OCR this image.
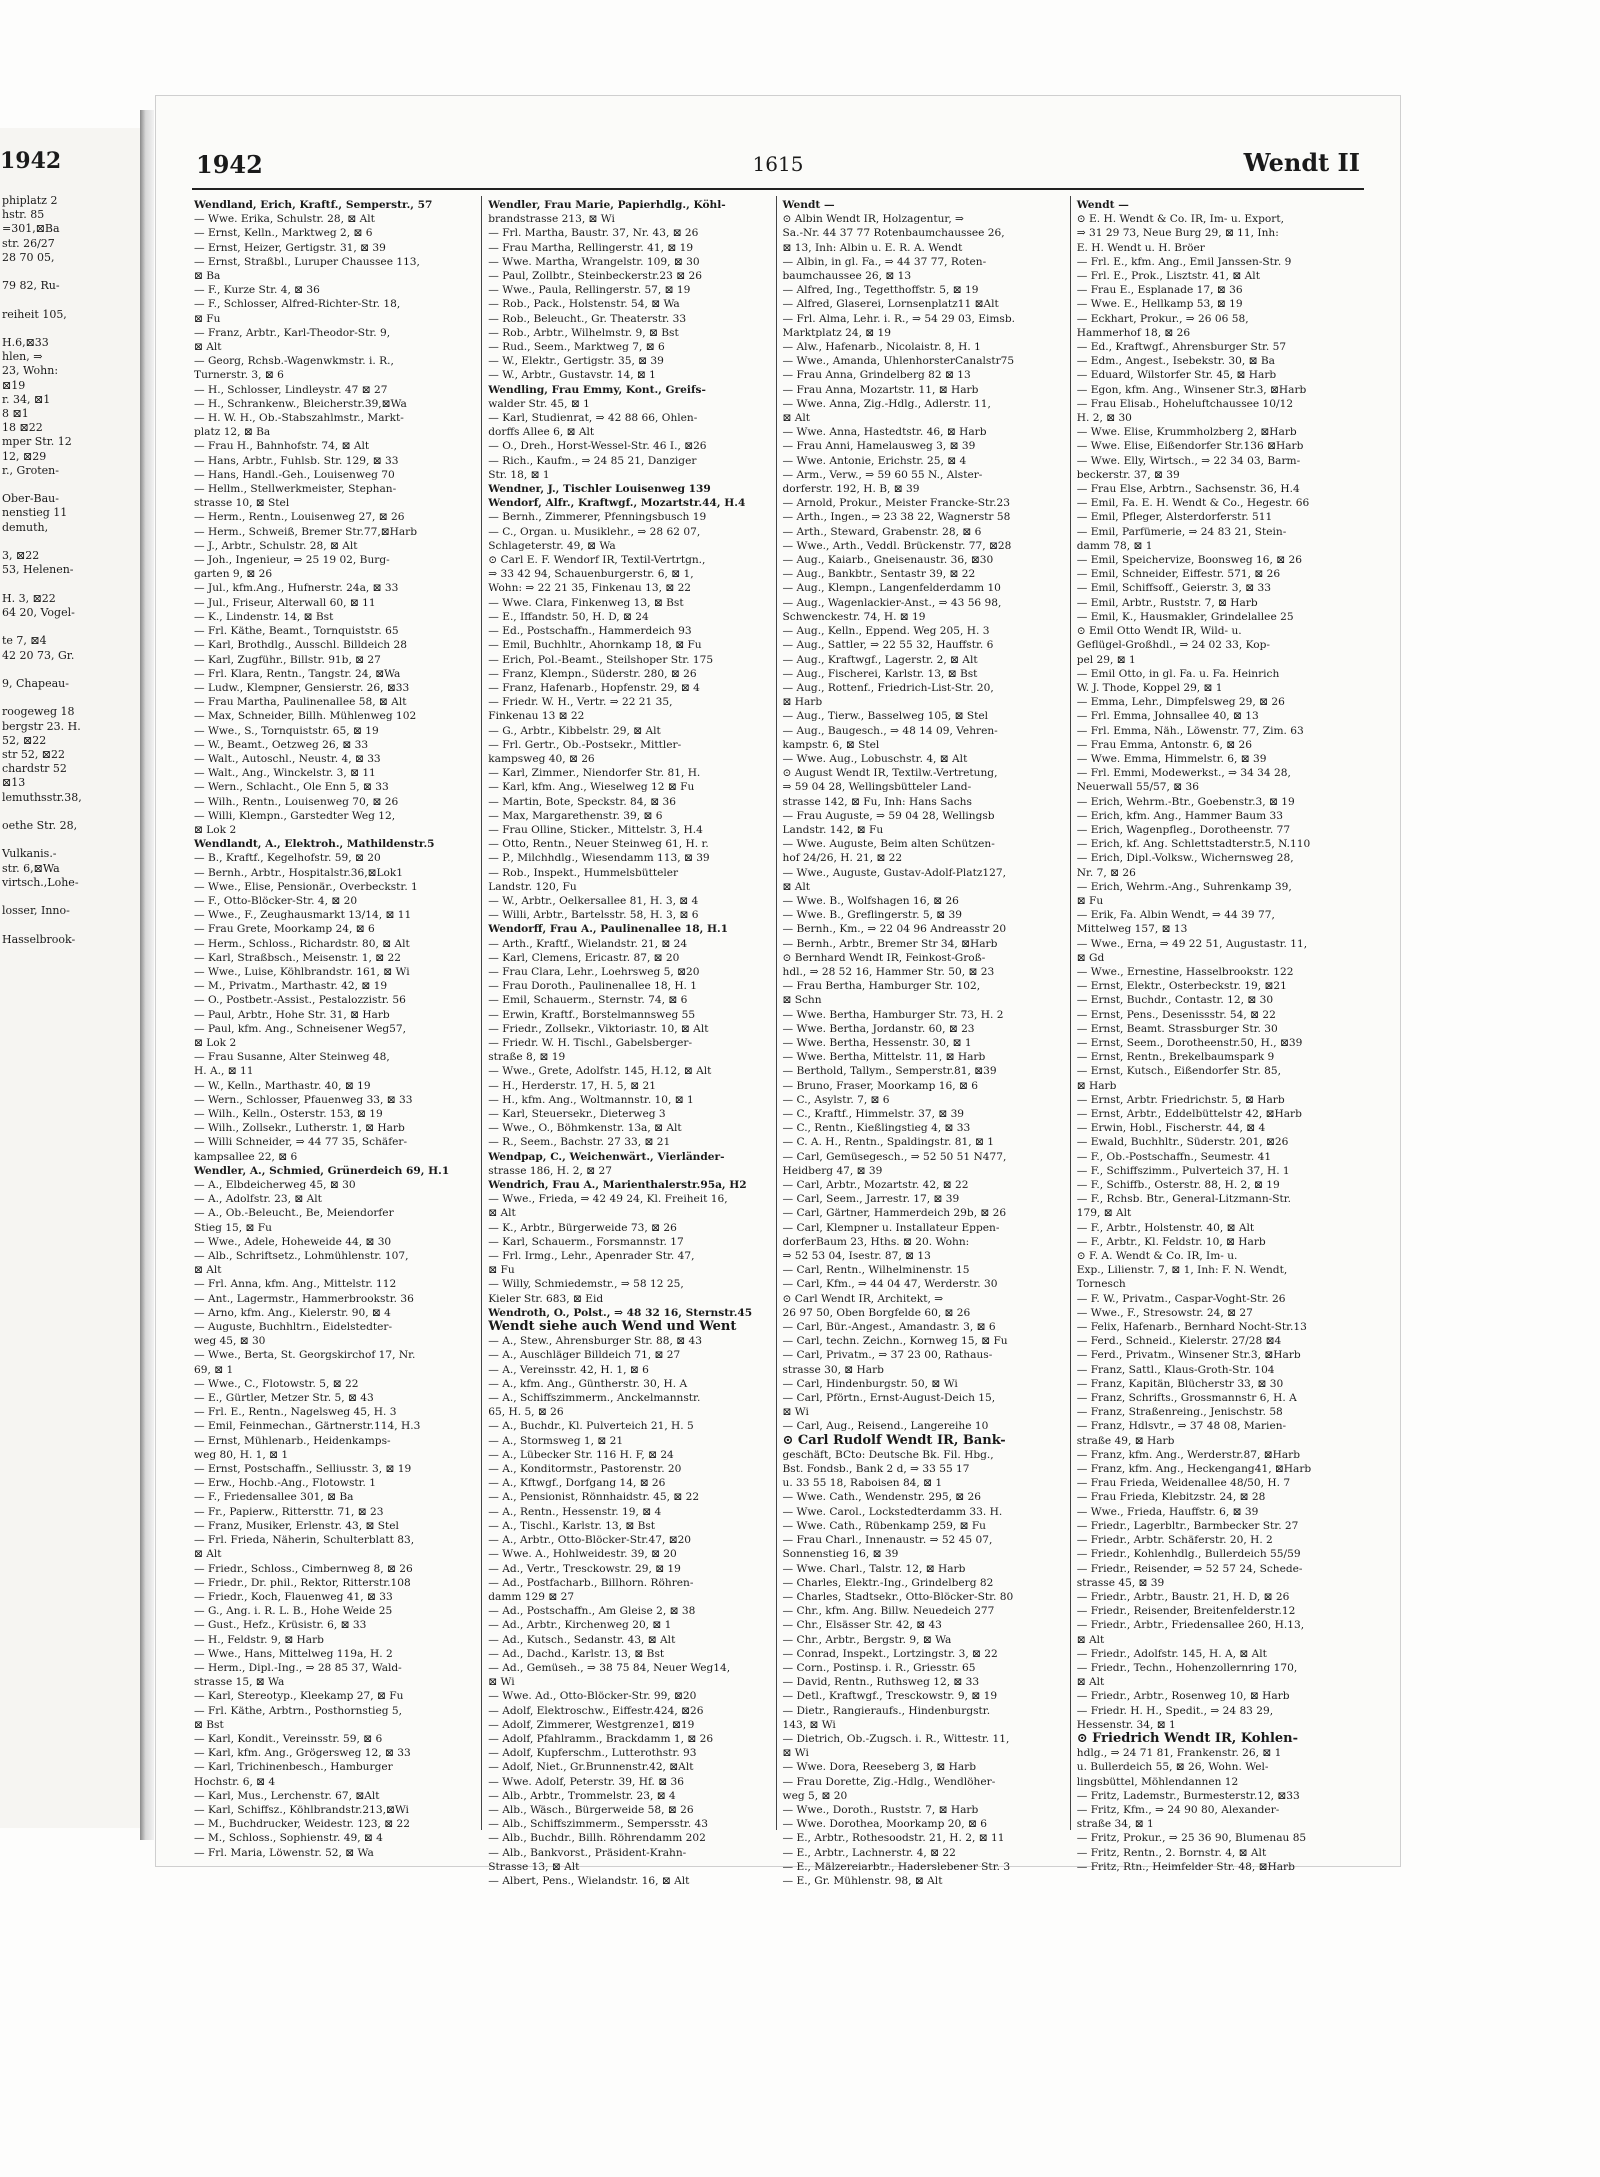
1942
phiplatz 2
hstr. 85
=301,⊠Ba
str. 26/27
28 70 05,

79 82, Ru-

reiheit 105,

H.6,⊠33
hlen, ⇒
23, Wohn:
⊠19
r. 34, ⊠1
8 ⊠1
18 ⊠22
mper Str. 12
12, ⊠29
r., Groten-

Ober-Bau-
nenstieg 11
demuth,

3, ⊠22
53, Helenen-

H. 3, ⊠22
64 20, Vogel-

te 7, ⊠4
42 20 73, Gr.

9, Chapeau-

roogeweg 18
bergstr 23. H.
52, ⊠22
str 52, ⊠22
chardstr 52
⊠13
lemuthsstr.38,

oethe Str. 28,

Vulkanis.-
str. 6,⊠Wa
virtsch.,Lohe-

losser, Inno-

Hasselbrook-
1942	1615	Wendt II
Wendland, Erich, Kraftf., Semperstr., 57
— Wwe. Erika, Schulstr. 28, ⊠ Alt
— Ernst, Kelln., Marktweg 2, ⊠ 6
— Ernst, Heizer, Gertigstr. 31, ⊠ 39
— Ernst, Straßbl., Luruper Chaussee 113,
⊠ Ba
— F., Kurze Str. 4, ⊠ 36
— F., Schlosser, Alfred-Richter-Str. 18,
⊠ Fu
— Franz, Arbtr., Karl-Theodor-Str. 9,
⊠ Alt
— Georg, Rchsb.-Wagenwkmstr. i. R.,
Turnerstr. 3, ⊠ 6
— H., Schlosser, Lindleystr. 47 ⊠ 27
— H., Schrankenw., Bleicherstr.39,⊠Wa
— H. W. H., Ob.-Stabszahlmstr., Markt-
platz 12, ⊠ Ba
— Frau H., Bahnhofstr. 74, ⊠ Alt
— Hans, Arbtr., Fuhlsb. Str. 129, ⊠ 33
— Hans, Handl.-Geh., Louisenweg 70
— Hellm., Stellwerkmeister, Stephan-
strasse 10, ⊠ Stel
— Herm., Rentn., Louisenweg 27, ⊠ 26
— Herm., Schweiß, Bremer Str.77,⊠Harb
— J., Arbtr., Schulstr. 28, ⊠ Alt
— Joh., Ingenieur, ⇒ 25 19 02, Burg-
garten 9, ⊠ 26
— Jul., kfm.Ang., Hufnerstr. 24a, ⊠ 33
— Jul., Friseur, Alterwall 60, ⊠ 11
— K., Lindenstr. 14, ⊠ Bst
— Frl. Käthe, Beamt., Tornquiststr. 65
— Karl, Brothdlg., Ausschl. Billdeich 28
— Karl, Zugführ., Billstr. 91b, ⊠ 27
— Frl. Klara, Rentn., Tangstr. 24, ⊠Wa
— Ludw., Klempner, Gensierstr. 26, ⊠33
— Frau Martha, Paulinenallee 58, ⊠ Alt
— Max, Schneider, Billh. Mühlenweg 102
— Wwe., S., Tornquiststr. 65, ⊠ 19
— W., Beamt., Oetzweg 26, ⊠ 33
— Walt., Autoschl., Neustr. 4, ⊠ 33
— Walt., Ang., Winckelstr. 3, ⊠ 11
— Wern., Schlacht., Ole Enn 5, ⊠ 33
— Wilh., Rentn., Louisenweg 70, ⊠ 26
— Willi, Klempn., Garstedter Weg 12,
⊠ Lok 2
Wendlandt, A., Elektroh., Mathildenstr.5
— B., Kraftf., Kegelhofstr. 59, ⊠ 20
— Bernh., Arbtr., Hospitalstr.36,⊠Lok1
— Wwe., Elise, Pensionär., Overbeckstr. 1
— F., Otto-Blöcker-Str. 4, ⊠ 20
— Wwe., F., Zeughausmarkt 13/14, ⊠ 11
— Frau Grete, Moorkamp 24, ⊠ 6
— Herm., Schloss., Richardstr. 80, ⊠ Alt
— Karl, Straßbsch., Meisenstr. 1, ⊠ 22
— Wwe., Luise, Köhlbrandstr. 161, ⊠ Wi
— M., Privatm., Marthastr. 42, ⊠ 19
— O., Postbetr.-Assist., Pestalozzistr. 56
— Paul, Arbtr., Hohe Str. 31, ⊠ Harb
— Paul, kfm. Ang., Schneisener Weg57,
⊠ Lok 2
— Frau Susanne, Alter Steinweg 48,
H. A., ⊠ 11
— W., Kelln., Marthastr. 40, ⊠ 19
— Wern., Schlosser, Pfauenweg 33, ⊠ 33
— Wilh., Kelln., Osterstr. 153, ⊠ 19
— Wilh., Zollsekr., Lutherstr. 1, ⊠ Harb
— Willi Schneider, ⇒ 44 77 35, Schäfer-
kampsallee 22, ⊠ 6
Wendler, A., Schmied, Grünerdeich 69, H.1
— A., Elbdeicherweg 45, ⊠ 30
— A., Adolfstr. 23, ⊠ Alt
— A., Ob.-Beleucht., Be, Meiendorfer
Stieg 15, ⊠ Fu
— Wwe., Adele, Hoheweide 44, ⊠ 30
— Alb., Schriftsetz., Lohmühlenstr. 107,
⊠ Alt
— Frl. Anna, kfm. Ang., Mittelstr. 112
— Ant., Lagermstr., Hammerbrookstr. 36
— Arno, kfm. Ang., Kielerstr. 90, ⊠ 4
— Auguste, Buchhltrn., Eidelstedter-
weg 45, ⊠ 30
— Wwe., Berta, St. Georgskirchof 17, Nr.
69, ⊠ 1
— Wwe., C., Flotowstr. 5, ⊠ 22
— E., Gürtler, Metzer Str. 5, ⊠ 43
— Frl. E., Rentn., Nagelsweg 45, H. 3
— Emil, Feinmechan., Gärtnerstr.114, H.3
— Ernst, Mühlenarb., Heidenkamps-
weg 80, H. 1, ⊠ 1
— Ernst, Postschaffn., Selliusstr. 3, ⊠ 19
— Erw., Hochb.-Ang., Flotowstr. 1
— F., Friedensallee 301, ⊠ Ba
— Fr., Papierw., Rittersttr. 71, ⊠ 23
— Franz, Musiker, Erlenstr. 43, ⊠ Stel
— Frl. Frieda, Näherin, Schulterblatt 83,
⊠ Alt
— Friedr., Schloss., Cimbernweg 8, ⊠ 26
— Friedr., Dr. phil., Rektor, Ritterstr.108
— Friedr., Koch, Flauenweg 41, ⊠ 33
— G., Ang. i. R. L. B., Hohe Weide 25
— Gust., Hefz., Krüsistr. 6, ⊠ 33
— H., Feldstr. 9, ⊠ Harb
— Wwe., Hans, Mittelweg 119a, H. 2
— Herm., Dipl.-Ing., ⇒ 28 85 37, Wald-
strasse 15, ⊠ Wa
— Karl, Stereotyp., Kleekamp 27, ⊠ Fu
— Frl. Käthe, Arbtrn., Posthornstieg 5,
⊠ Bst
— Karl, Kondit., Vereinsstr. 59, ⊠ 6
— Karl, kfm. Ang., Grögersweg 12, ⊠ 33
— Karl, Trichinenbesch., Hamburger
Hochstr. 6, ⊠ 4
— Karl, Mus., Lerchenstr. 67, ⊠Alt
— Karl, Schiffsz., Köhlbrandstr.213,⊠Wi
— M., Buchdrucker, Weidestr. 123, ⊠ 22
— M., Schloss., Sophienstr. 49, ⊠ 4
— Frl. Maria, Löwenstr. 52, ⊠ Wa
Wendler, Frau Marie, Papierhdlg., Köhl-
brandstrasse 213, ⊠ Wi
— Frl. Martha, Baustr. 37, Nr. 43, ⊠ 26
— Frau Martha, Rellingerstr. 41, ⊠ 19
— Wwe. Martha, Wrangelstr. 109, ⊠ 30
— Paul, Zollbtr., Steinbeckerstr.23 ⊠ 26
— Wwe., Paula, Rellingerstr. 57, ⊠ 19
— Rob., Pack., Holstenstr. 54, ⊠ Wa
— Rob., Beleucht., Gr. Theaterstr. 33
— Rob., Arbtr., Wilhelmstr. 9, ⊠ Bst
— Rud., Seem., Marktweg 7, ⊠ 6
— W., Elektr., Gertigstr. 35, ⊠ 39
— W., Arbtr., Gustavstr. 14, ⊠ 1
Wendling, Frau Emmy, Kont., Greifs-
walder Str. 45, ⊠ 1
— Karl, Studienrat, ⇒ 42 88 66, Ohlen-
dorffs Allee 6, ⊠ Alt
— O., Dreh., Horst-Wessel-Str. 46 I., ⊠26
— Rich., Kaufm., ⇒ 24 85 21, Danziger
Str. 18, ⊠ 1
Wendner, J., Tischler Louisenweg 139
Wendorf, Alfr., Kraftwgf., Mozartstr.44, H.4
— Bernh., Zimmerer, Pfenningsbusch 19
— C., Organ. u. Musiklehr., ⇒ 28 62 07,
Schlageterstr. 49, ⊠ Wa
⊙ Carl E. F. Wendorf IR, Textil-Vertrtgn.,
⇒ 33 42 94, Schauenburgerstr. 6, ⊠ 1,
Wohn: ⇒ 22 21 35, Finkenau 13, ⊠ 22
— Wwe. Clara, Finkenweg 13, ⊠ Bst
— E., Iffandstr. 50, H. D, ⊠ 24
— Ed., Postschaffn., Hammerdeich 93
— Emil, Buchhltr., Ahornkamp 18, ⊠ Fu
— Erich, Pol.-Beamt., Steilshoper Str. 175
— Franz, Klempn., Süderstr. 280, ⊠ 26
— Franz, Hafenarb., Hopfenstr. 29, ⊠ 4
— Friedr. W. H., Vertr. ⇒ 22 21 35,
Finkenau 13 ⊠ 22
— G., Arbtr., Kibbelstr. 29, ⊠ Alt
— Frl. Gertr., Ob.-Postsekr., Mittler-
kampsweg 40, ⊠ 26
— Karl, Zimmer., Niendorfer Str. 81, H.
— Karl, kfm. Ang., Wieselweg 12 ⊠ Fu
— Martin, Bote, Speckstr. 84, ⊠ 36
— Max, Margarethenstr. 39, ⊠ 6
— Frau Olline, Sticker., Mittelstr. 3, H.4
— Otto, Rentn., Neuer Steinweg 61, H. r.
— P., Milchhdlg., Wiesendamm 113, ⊠ 39
— Rob., Inspekt., Hummelsbütteler
Landstr. 120, Fu
— W., Arbtr., Oelkersallee 81, H. 3, ⊠ 4
— Willi, Arbtr., Bartelsstr. 58, H. 3, ⊠ 6
Wendorff, Frau A., Paulinenallee 18, H.1
— Arth., Kraftf., Wielandstr. 21, ⊠ 24
— Karl, Clemens, Ericastr. 87, ⊠ 20
— Frau Clara, Lehr., Loehrsweg 5, ⊠20
— Frau Doroth., Paulinenallee 18, H. 1
— Emil, Schauerm., Sternstr. 74, ⊠ 6
— Erwin, Kraftf., Borstelmannsweg 55
— Friedr., Zollsekr., Viktoriastr. 10, ⊠ Alt
— Friedr. W. H. Tischl., Gabelsberger-
straße 8, ⊠ 19
— Wwe., Grete, Adolfstr. 145, H.12, ⊠ Alt
— H., Herderstr. 17, H. 5, ⊠ 21
— H., kfm. Ang., Woltmannstr. 10, ⊠ 1
— Karl, Steuersekr., Dieterweg 3
— Wwe., O., Böhmkenstr. 13a, ⊠ Alt
— R., Seem., Bachstr. 27 33, ⊠ 21
Wendpap, C., Weichenwärt., Vierländer-
strasse 186, H. 2, ⊠ 27
Wendrich, Frau A., Marienthalerstr.95a, H2
— Wwe., Frieda, ⇒ 42 49 24, Kl. Freiheit 16,
⊠ Alt
— K., Arbtr., Bürgerweide 73, ⊠ 26
— Karl, Schauerm., Forsmannstr. 17
— Frl. Irmg., Lehr., Apenrader Str. 47,
⊠ Fu
— Willy, Schmiedemstr., ⇒ 58 12 25,
Kieler Str. 683, ⊠ Eid
Wendroth, O., Polst., ⇒ 48 32 16, Sternstr.45
Wendt siehe auch Wend und Went
— A., Stew., Ahrensburger Str. 88, ⊠ 43
— A., Auschläger Billdeich 71, ⊠ 27
— A., Vereinsstr. 42, H. 1, ⊠ 6
— A., kfm. Ang., Güntherstr. 30, H. A
— A., Schiffszimmerm., Anckelmannstr.
65, H. 5, ⊠ 26
— A., Buchdr., Kl. Pulverteich 21, H. 5
— A., Stormsweg 1, ⊠ 21
— A., Lübecker Str. 116 H. F, ⊠ 24
— A., Konditormstr., Pastorenstr. 20
— A., Kftwgf., Dorfgang 14, ⊠ 26
— A., Pensionist, Rönnhaidstr. 45, ⊠ 22
— A., Rentn., Hessenstr. 19, ⊠ 4
— A., Tischl., Karlstr. 13, ⊠ Bst
— A., Arbtr., Otto-Blöcker-Str.47, ⊠20
— Wwe. A., Hohlweidestr. 39, ⊠ 20
— Ad., Vertr., Tresckowstr. 29, ⊠ 19
— Ad., Postfacharb., Billhorn. Röhren-
damm 129 ⊠ 27
— Ad., Postschaffn., Am Gleise 2, ⊠ 38
— Ad., Arbtr., Kirchenweg 20, ⊠ 1
— Ad., Kutsch., Sedanstr. 43, ⊠ Alt
— Ad., Dachd., Karlstr. 13, ⊠ Bst
— Ad., Gemüseh., ⇒ 38 75 84, Neuer Weg14,
⊠ Wi
— Wwe. Ad., Otto-Blöcker-Str. 99, ⊠20
— Adolf, Elektroschw., Eiffestr.424, ⊠26
— Adolf, Zimmerer, Westgrenze1, ⊠19
— Adolf, Pfahlramm., Brackdamm 1, ⊠ 26
— Adolf, Kupferschm., Lutterothstr. 93
— Adolf, Niet., Gr.Brunnenstr.42, ⊠Alt
— Wwe. Adolf, Peterstr. 39, Hf. ⊠ 36
— Alb., Arbtr., Trommelstr. 23, ⊠ 4
— Alb., Wäsch., Bürgerweide 58, ⊠ 26
— Alb., Schiffszimmerm., Sempersstr. 43
— Alb., Buchdr., Billh. Röhrendamm 202
— Alb., Bankvorst., Präsident-Krahn-
Strasse 13, ⊠ Alt
— Albert, Pens., Wielandstr. 16, ⊠ Alt
Wendt —
⊙ Albin Wendt IR, Holzagentur, ⇒
Sa.-Nr. 44 37 77 Rotenbaumchaussee 26,
⊠ 13, Inh: Albin u. E. R. A. Wendt
— Albin, in gl. Fa., ⇒ 44 37 77, Roten-
baumchaussee 26, ⊠ 13
— Alfred, Ing., Tegetthoffstr. 5, ⊠ 19
— Alfred, Glaserei, Lornsenplatz11 ⊠Alt
— Frl. Alma, Lehr. i. R., ⇒ 54 29 03, Eimsb.
Marktplatz 24, ⊠ 19
— Alw., Hafenarb., Nicolaistr. 8, H. 1
— Wwe., Amanda, UhlenhorsterCanalstr75
— Frau Anna, Grindelberg 82 ⊠ 13
— Frau Anna, Mozartstr. 11, ⊠ Harb
— Wwe. Anna, Zig.-Hdlg., Adlerstr. 11,
⊠ Alt
— Wwe. Anna, Hastedtstr. 46, ⊠ Harb
— Frau Anni, Hamelausweg 3, ⊠ 39
— Wwe. Antonie, Erichstr. 25, ⊠ 4
— Arm., Verw., ⇒ 59 60 55 N., Alster-
dorferstr. 192, H. B, ⊠ 39
— Arnold, Prokur., Meister Francke-Str.23
— Arth., Ingen., ⇒ 23 38 22, Wagnerstr 58
— Arth., Steward, Grabenstr. 28, ⊠ 6
— Wwe., Arth., Veddl. Brückenstr. 77, ⊠28
— Aug., Kaiarb., Gneisenaustr. 36, ⊠30
— Aug., Bankbtr., Sentastr 39, ⊠ 22
— Aug., Klempn., Langenfelderdamm 10
— Aug., Wagenlackier-Anst., ⇒ 43 56 98,
Schwenckestr. 74, H. ⊠ 19
— Aug., Kelln., Eppend. Weg 205, H. 3
— Aug., Sattler, ⇒ 22 55 32, Hauffstr. 6
— Aug., Kraftwgf., Lagerstr. 2, ⊠ Alt
— Aug., Fischerei, Karlstr. 13, ⊠ Bst
— Aug., Rottenf., Friedrich-List-Str. 20,
⊠ Harb
— Aug., Tierw., Basselweg 105, ⊠ Stel
— Aug., Baugesch., ⇒ 48 14 09, Vehren-
kampstr. 6, ⊠ Stel
— Wwe. Aug., Lobuschstr. 4, ⊠ Alt
⊙ August Wendt IR, Textilw.-Vertretung,
⇒ 59 04 28, Wellingsbütteler Land-
strasse 142, ⊠ Fu, Inh: Hans Sachs
— Frau Auguste, ⇒ 59 04 28, Wellingsb
Landstr. 142, ⊠ Fu
— Wwe. Auguste, Beim alten Schützen-
hof 24/26, H. 21, ⊠ 22
— Wwe., Auguste, Gustav-Adolf-Platz127,
⊠ Alt
— Wwe. B., Wolfshagen 16, ⊠ 26
— Wwe. B., Greflingerstr. 5, ⊠ 39
— Bernh., Km., ⇒ 22 04 96 Andreasstr 20
— Bernh., Arbtr., Bremer Str 34, ⊠Harb
⊙ Bernhard Wendt IR, Feinkost-Groß-
hdl., ⇒ 28 52 16, Hammer Str. 50, ⊠ 23
— Frau Bertha, Hamburger Str. 102,
⊠ Schn
— Wwe. Bertha, Hamburger Str. 73, H. 2
— Wwe. Bertha, Jordanstr. 60, ⊠ 23
— Wwe. Bertha, Hessenstr. 30, ⊠ 1
— Wwe. Bertha, Mittelstr. 11, ⊠ Harb
— Berthold, Tallym., Semperstr.81, ⊠39
— Bruno, Fraser, Moorkamp 16, ⊠ 6
— C., Asylstr. 7, ⊠ 6
— C., Kraftf., Himmelstr. 37, ⊠ 39
— C., Rentn., Kießlingstieg 4, ⊠ 33
— C. A. H., Rentn., Spaldingstr. 81, ⊠ 1
— Carl, Gemüsegesch., ⇒ 52 50 51 N477,
Heidberg 47, ⊠ 39
— Carl, Arbtr., Mozartstr. 42, ⊠ 22
— Carl, Seem., Jarrestr. 17, ⊠ 39
— Carl, Gärtner, Hammerdeich 29b, ⊠ 26
— Carl, Klempner u. Installateur Eppen-
dorferBaum 23, Hths. ⊠ 20. Wohn:
⇒ 52 53 04, Isestr. 87, ⊠ 13
— Carl, Rentn., Wilhelminenstr. 15
— Carl, Kfm., ⇒ 44 04 47, Werderstr. 30
⊙ Carl Wendt IR, Architekt, ⇒
26 97 50, Oben Borgfelde 60, ⊠ 26
— Carl, Bür.-Angest., Amandastr. 3, ⊠ 6
— Carl, techn. Zeichn., Kornweg 15, ⊠ Fu
— Carl, Privatm., ⇒ 37 23 00, Rathaus-
strasse 30, ⊠ Harb
— Carl, Hindenburgstr. 50, ⊠ Wi
— Carl, Pförtn., Ernst-August-Deich 15,
⊠ Wi
— Carl, Aug., Reisend., Langereihe 10
⊙ Carl Rudolf Wendt IR, Bank-
geschäft, BCto: Deutsche Bk. Fil. Hbg.,
Bst. Fondsb., Bank 2 d, ⇒ 33 55 17
u. 33 55 18, Raboisen 84, ⊠ 1
— Wwe. Cath., Wendenstr. 295, ⊠ 26
— Wwe. Carol., Lockstedterdamm 33. H.
— Wwe. Cath., Rübenkamp 259, ⊠ Fu
— Frau Charl., Innenaustr. ⇒ 52 45 07,
Sonnenstieg 16, ⊠ 39
— Wwe. Charl., Talstr. 12, ⊠ Harb
— Charles, Elektr.-Ing., Grindelberg 82
— Charles, Stadtsekr., Otto-Blöcker-Str. 80
— Chr., kfm. Ang. Billw. Neuedeich 277
— Chr., Elsässer Str. 42, ⊠ 43
— Chr., Arbtr., Bergstr. 9, ⊠ Wa
— Conrad, Inspekt., Lortzingstr. 3, ⊠ 22
— Corn., Postinsp. i. R., Griesstr. 65
— David, Rentn., Ruthsweg 12, ⊠ 33
— Detl., Kraftwgf., Tresckowstr. 9, ⊠ 19
— Dietr., Rangieraufs., Hindenburgstr.
143, ⊠ Wi
— Dietrich, Ob.-Zugsch. i. R., Wittestr. 11,
⊠ Wi
— Wwe. Dora, Reeseberg 3, ⊠ Harb
— Frau Dorette, Zig.-Hdlg., Wendlöher-
weg 5, ⊠ 20
— Wwe., Doroth., Ruststr. 7, ⊠ Harb
— Wwe. Dorothea, Moorkamp 20, ⊠ 6
— E., Arbtr., Rothesoodstr. 21, H. 2, ⊠ 11
— E., Arbtr., Lachnerstr. 4, ⊠ 22
— E., Mälzereiarbtr., Haderslebener Str. 3
— E., Gr. Mühlenstr. 98, ⊠ Alt
Wendt —
⊙ E. H. Wendt & Co. IR, Im- u. Export,
⇒ 31 29 73, Neue Burg 29, ⊠ 11, Inh:
E. H. Wendt u. H. Bröer
— Frl. E., kfm. Ang., Emil Janssen-Str. 9
— Frl. E., Prok., Lisztstr. 41, ⊠ Alt
— Frau E., Esplanade 17, ⊠ 36
— Wwe. E., Hellkamp 53, ⊠ 19
— Eckhart, Prokur., ⇒ 26 06 58,
Hammerhof 18, ⊠ 26
— Ed., Kraftwgf., Ahrensburger Str. 57
— Edm., Angest., Isebekstr. 30, ⊠ Ba
— Eduard, Wilstorfer Str. 45, ⊠ Harb
— Egon, kfm. Ang., Winsener Str.3, ⊠Harb
— Frau Elisab., Hoheluftchaussee 10/12
H. 2, ⊠ 30
— Wwe. Elise, Krummholzberg 2, ⊠Harb
— Wwe. Elise, Eißendorfer Str.136 ⊠Harb
— Wwe. Elly, Wirtsch., ⇒ 22 34 03, Barm-
beckerstr. 37, ⊠ 39
— Frau Else, Arbtrn., Sachsenstr. 36, H.4
— Emil, Fa. E. H. Wendt & Co., Hegestr. 66
— Emil, Pfleger, Alsterdorferstr. 511
— Emil, Parfümerie, ⇒ 24 83 21, Stein-
damm 78, ⊠ 1
— Emil, Speichervize, Boonsweg 16, ⊠ 26
— Emil, Schneider, Eiffestr. 571, ⊠ 26
— Emil, Schiffsoff., Geierstr. 3, ⊠ 33
— Emil, Arbtr., Ruststr. 7, ⊠ Harb
— Emil, K., Hausmakler, Grindelallee 25
⊙ Emil Otto Wendt IR, Wild- u.
Geflügel-Großhdl., ⇒ 24 02 33, Kop-
pel 29, ⊠ 1
— Emil Otto, in gl. Fa. u. Fa. Heinrich
W. J. Thode, Koppel 29, ⊠ 1
— Emma, Lehr., Dimpfelsweg 29, ⊠ 26
— Frl. Emma, Johnsallee 40, ⊠ 13
— Frl. Emma, Näh., Löwenstr. 77, Zim. 63
— Frau Emma, Antonstr. 6, ⊠ 26
— Wwe. Emma, Himmelstr. 6, ⊠ 39
— Frl. Emmi, Modewerkst., ⇒ 34 34 28,
Neuerwall 55/57, ⊠ 36
— Erich, Wehrm.-Btr., Goebenstr.3, ⊠ 19
— Erich, kfm. Ang., Hammer Baum 33
— Erich, Wagenpfleg., Dorotheenstr. 77
— Erich, kf. Ang. Schlettstadterstr.5, N.110
— Erich, Dipl.-Volksw., Wichernsweg 28,
Nr. 7, ⊠ 26
— Erich, Wehrm.-Ang., Suhrenkamp 39,
⊠ Fu
— Erik, Fa. Albin Wendt, ⇒ 44 39 77,
Mittelweg 157, ⊠ 13
— Wwe., Erna, ⇒ 49 22 51, Augustastr. 11,
⊠ Gd
— Wwe., Ernestine, Hasselbrookstr. 122
— Ernst, Elektr., Osterbeckstr. 19, ⊠21
— Ernst, Buchdr., Contastr. 12, ⊠ 30
— Ernst, Pens., Desenissstr. 54, ⊠ 22
— Ernst, Beamt. Strassburger Str. 30
— Ernst, Seem., Dorotheenstr.50, H., ⊠39
— Ernst, Rentn., Brekelbaumspark 9
— Ernst, Kutsch., Eißendorfer Str. 85,
⊠ Harb
— Ernst, Arbtr. Friedrichstr. 5, ⊠ Harb
— Ernst, Arbtr., Eddelbüttelstr 42, ⊠Harb
— Erwin, Hobl., Fischerstr. 44, ⊠ 4
— Ewald, Buchhltr., Süderstr. 201, ⊠26
— F., Ob.-Postschaffn., Seumestr. 41
— F., Schiffszimm., Pulverteich 37, H. 1
— F., Schiffb., Osterstr. 88, H. 2, ⊠ 19
— F., Rchsb. Btr., General-Litzmann-Str.
179, ⊠ Alt
— F., Arbtr., Holstenstr. 40, ⊠ Alt
— F., Arbtr., Kl. Feldstr. 10, ⊠ Harb
⊙ F. A. Wendt & Co. IR, Im- u.
Exp., Lilienstr. 7, ⊠ 1, Inh: F. N. Wendt,
Tornesch
— F. W., Privatm., Caspar-Voght-Str. 26
— Wwe., F., Stresowstr. 24, ⊠ 27
— Felix, Hafenarb., Bernhard Nocht-Str.13
— Ferd., Schneid., Kielerstr. 27/28 ⊠4
— Ferd., Privatm., Winsener Str.3, ⊠Harb
— Franz, Sattl., Klaus-Groth-Str. 104
— Franz, Kapitän, Blücherstr 33, ⊠ 30
— Franz, Schrifts., Grossmannstr 6, H. A
— Franz, Straßenreing., Jenischstr. 58
— Franz, Hdlsvtr., ⇒ 37 48 08, Marien-
straße 49, ⊠ Harb
— Franz, kfm. Ang., Werderstr.87, ⊠Harb
— Franz, kfm. Ang., Heckengang41, ⊠Harb
— Frau Frieda, Weidenallee 48/50, H. 7
— Frau Frieda, Klebitzstr. 24, ⊠ 28
— Wwe., Frieda, Hauffstr. 6, ⊠ 39
— Friedr., Lagerbltr., Barmbecker Str. 27
— Friedr., Arbtr. Schäferstr. 20, H. 2
— Friedr., Kohlenhdlg., Bullerdeich 55/59
— Friedr., Reisender, ⇒ 52 57 24, Schede-
strasse 45, ⊠ 39
— Friedr., Arbtr., Baustr. 21, H. D, ⊠ 26
— Friedr., Reisender, Breitenfelderstr.12
— Friedr., Arbtr., Friedensallee 260, H.13,
⊠ Alt
— Friedr., Adolfstr. 145, H. A, ⊠ Alt
— Friedr., Techn., Hohenzollernring 170,
⊠ Alt
— Friedr., Arbtr., Rosenweg 10, ⊠ Harb
— Friedr. H. H., Spedit., ⇒ 24 83 29,
Hessenstr. 34, ⊠ 1
⊙ Friedrich Wendt IR, Kohlen-
hdlg., ⇒ 24 71 81, Frankenstr. 26, ⊠ 1
u. Bullerdeich 55, ⊠ 26, Wohn. Wel-
lingsbüttel, Möhlendannen 12
— Fritz, Lademstr., Burmesterstr.12, ⊠33
— Fritz, Kfm., ⇒ 24 90 80, Alexander-
straße 34, ⊠ 1
— Fritz, Prokur., ⇒ 25 36 90, Blumenau 85
— Fritz, Rentn., 2. Bornstr. 4, ⊠ Alt
— Fritz, Rtn., Heimfelder Str. 48, ⊠Harb
